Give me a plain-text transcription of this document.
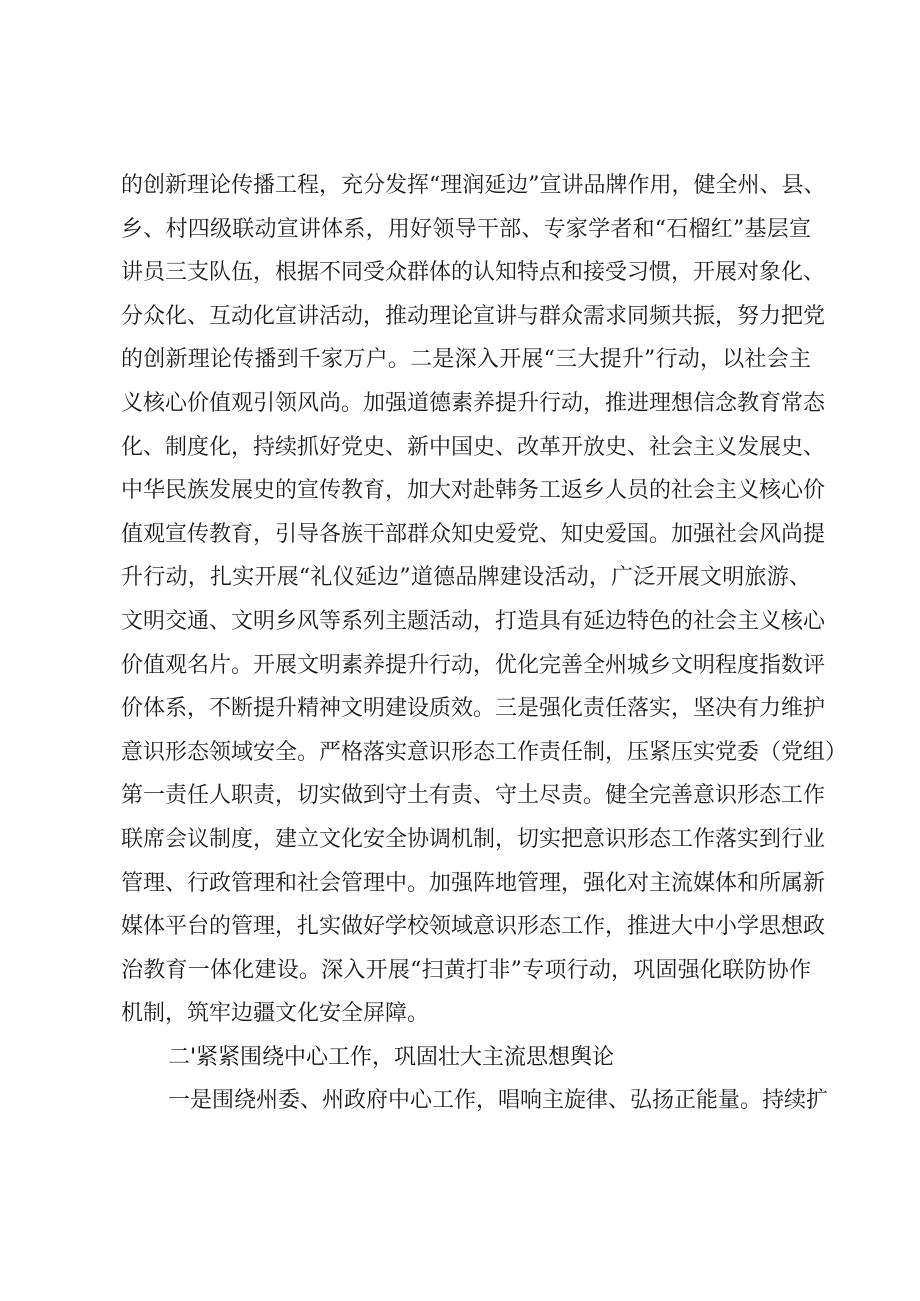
的创新理论传播工程，充分发挥“理润延边”宣讲品牌作用，健全州、县、
乡、村四级联动宣讲体系，用好领导干部、专家学者和“石榴红”基层宣
讲员三支队伍，根据不同受众群体的认知特点和接受习惯，开展对象化、
分众化、互动化宣讲活动，推动理论宣讲与群众需求同频共振，努力把党
的创新理论传播到千家万户。二是深入开展“三大提升”行动，以社会主
义核心价值观引领风尚。加强道德素养提升行动，推进理想信念教育常态
化、制度化，持续抓好党史、新中国史、改革开放史、社会主义发展史、
中华民族发展史的宣传教育，加大对赴韩务工返乡人员的社会主义核心价
值观宣传教育，引导各族干部群众知史爱党、知史爱国。加强社会风尚提
升行动，扎实开展“礼仪延边”道德品牌建设活动，广泛开展文明旅游、
文明交通、文明乡风等系列主题活动，打造具有延边特色的社会主义核心
价值观名片。开展文明素养提升行动，优化完善全州城乡文明程度指数评
价体系，不断提升精神文明建设质效。三是强化责任落实，坚决有力维护
意识形态领域安全。严格落实意识形态工作责任制，压紧压实党委（党组）
第一责任人职责，切实做到守土有责、守土尽责。健全完善意识形态工作
联席会议制度，建立文化安全协调机制，切实把意识形态工作落实到行业
管理、行政管理和社会管理中。加强阵地管理，强化对主流媒体和所属新
媒体平台的管理，扎实做好学校领域意识形态工作，推进大中小学思想政
治教育一体化建设。深入开展“扫黄打非”专项行动，巩固强化联防协作
机制，筑牢边疆文化安全屏障。
二'紧紧围绕中心工作，巩固壮大主流思想舆论
一是围绕州委、州政府中心工作，唱响主旋律、弘扬正能量。持续扩
